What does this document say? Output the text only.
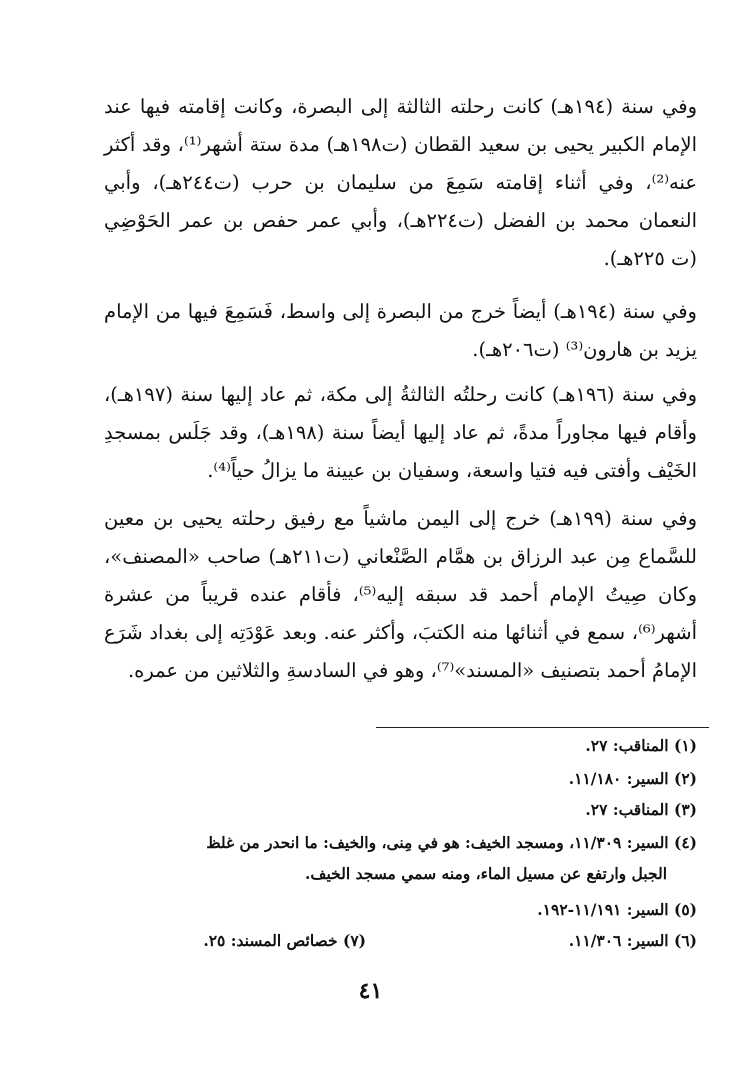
وفي سنة (١٩٤هـ) كانت رحلته الثالثة إلى البصرة، وكانت إقامته فيها عند الإمام الكبير يحيى بن سعيد القطان (ت١٩٨هـ) مدة ستة أشهر⁽¹⁾، وقد أكثر عنه⁽²⁾، وفي أثناء إقامته سَمِعَ من سليمان بن حرب (ت٢٤٤هـ)، وأبي النعمان محمد بن الفضل (ت٢٢٤هـ)، وأبي عمر حفص بن عمر الحَوْضِي (ت ٢٢٥هـ).

وفي سنة (١٩٤هـ) أيضاً خرج من البصرة إلى واسط، فَسَمِعَ فيها من الإمام يزيد بن هارون⁽³⁾ (ت٢٠٦هـ).

وفي سنة (١٩٦هـ) كانت رحلتُه الثالثةُ إلى مكة، ثم عاد إليها سنة (١٩٧هـ)، وأقام فيها مجاوراً مدةً، ثم عاد إليها أيضاً سنة (١٩٨هـ)، وقد جَلَس بمسجدِ الخَيْف وأفتى فيه فتيا واسعة، وسفيان بن عيينة ما يزالُ حياً⁽⁴⁾.

وفي سنة (١٩٩هـ) خرج إلى اليمن ماشياً مع رفيق رحلته يحيى بن معين للسَّماع مِن عبد الرزاق بن همَّام الصَّنْعاني (ت٢١١هـ) صاحب «المصنف»، وكان صِيتُ الإمام أحمد قد سبقه إليه⁽⁵⁾، فأقام عنده قريباً من عشرة أشهر⁽⁶⁾، سمع في أثنائها منه الكتبَ، وأكثر عنه. وبعد عَوْدَتِه إلى بغداد شَرَع الإمامُ أحمد بتصنيف «المسند»⁽⁷⁾، وهو في السادسةِ والثلاثين من عمره.

(١) المناقب: ٢٧.

(٢) السير: ١١/١٨٠.

(٣) المناقب: ٢٧.

(٤) السير: ١١/٣٠٩، ومسجد الخيف: هو في مِنى، والخيف: ما انحدر من غلظ

الجبل وارتفع عن مسيل الماء، ومنه سمي مسجد الخيف.

(٥) السير: ١١/١٩١-١٩٢.

(٦) السير: ١١/٣٠٦.

(٧) خصائص المسند: ٢٥.

٤١
